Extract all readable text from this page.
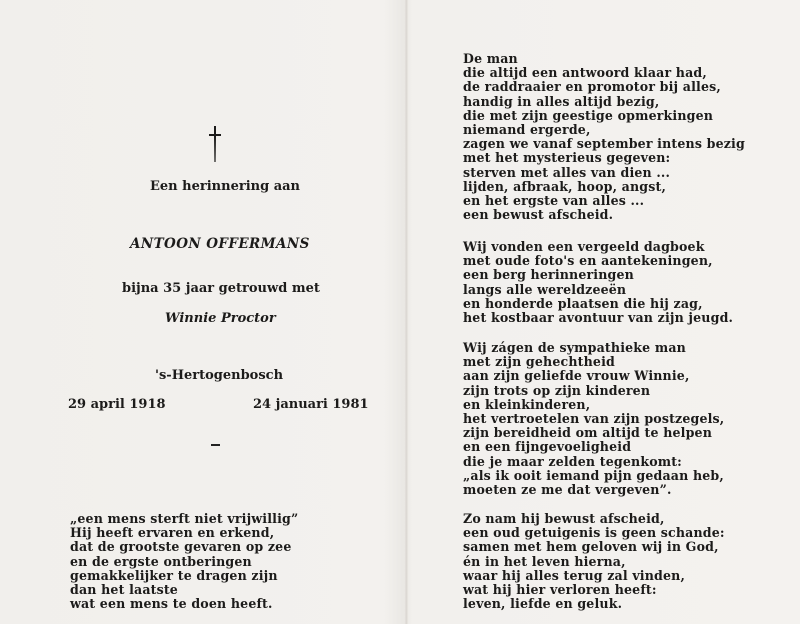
Een herinnering aan
ANTOON OFFERMANS
bijna 35 jaar getrouwd met
Winnie Proctor
's-Hertogenbosch
29 april 1918	24 januari 1981
„een mens sterft niet vrijwillig”
Hij heeft ervaren en erkend,
dat de grootste gevaren op zee
en de ergste ontberingen
gemakkelijker te dragen zijn
dan het laatste
wat een mens te doen heeft.
De man
die altijd een antwoord klaar had,
de raddraaier en promotor bij alles,
handig in alles altijd bezig,
die met zijn geestige opmerkingen
niemand ergerde,
zagen we vanaf september intens bezig
met het mysterieus gegeven:
sterven met alles van dien ...
lijden, afbraak, hoop, angst,
en het ergste van alles ...
een bewust afscheid.
Wij vonden een vergeeld dagboek
met oude foto's en aantekeningen,
een berg herinneringen
langs alle wereldzeeën
en honderde plaatsen die hij zag,
het kostbaar avontuur van zijn jeugd.
Wij zágen de sympathieke man
met zijn gehechtheid
aan zijn geliefde vrouw Winnie,
zijn trots op zijn kinderen
en kleinkinderen,
het vertroetelen van zijn postzegels,
zijn bereidheid om altijd te helpen
en een fijngevoeligheid
die je maar zelden tegenkomt:
„als ik ooit iemand pijn gedaan heb,
moeten ze me dat vergeven”.
Zo nam hij bewust afscheid,
een oud getuigenis is geen schande:
samen met hem geloven wij in God,
én in het leven hierna,
waar hij alles terug zal vinden,
wat hij hier verloren heeft:
leven, liefde en geluk.
